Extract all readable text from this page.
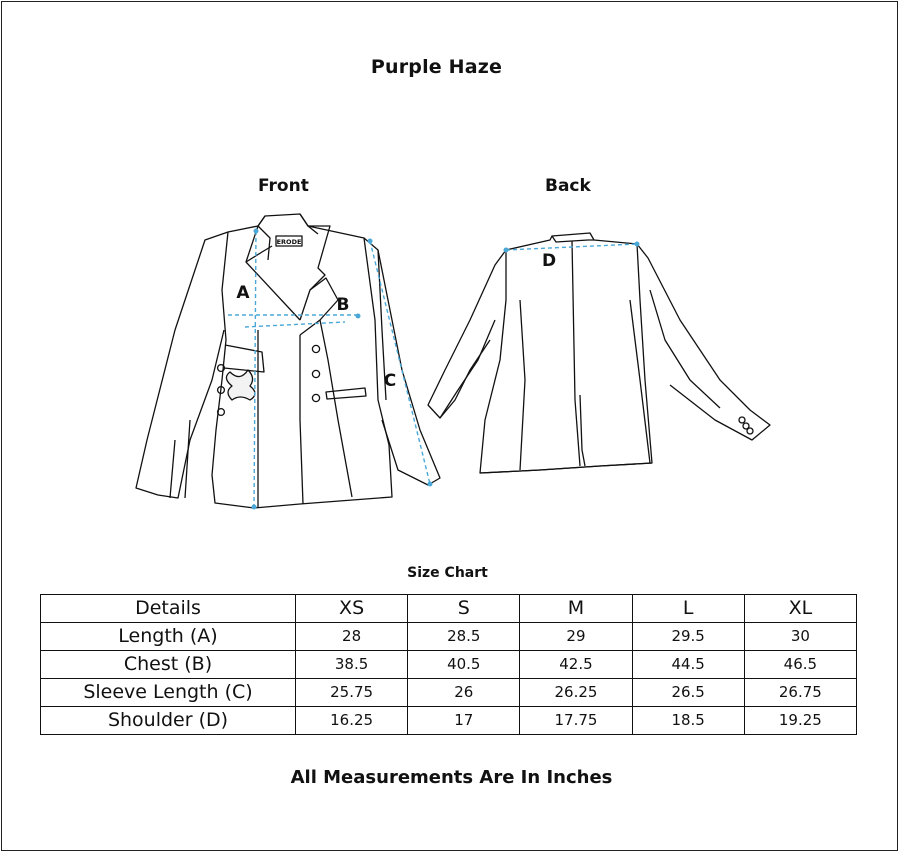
Purple Haze
Front	Back
ERODE
A
B
C
D
Size Chart
Details	XS	S	M	L	XL
Length (A)	28	28.5	29	29.5	30
Chest (B)	38.5	40.5	42.5	44.5	46.5
Sleeve Length (C)	25.75	26	26.25	26.5	26.75
Shoulder (D)	16.25	17	17.75	18.5	19.25
All Measurements Are In Inches
